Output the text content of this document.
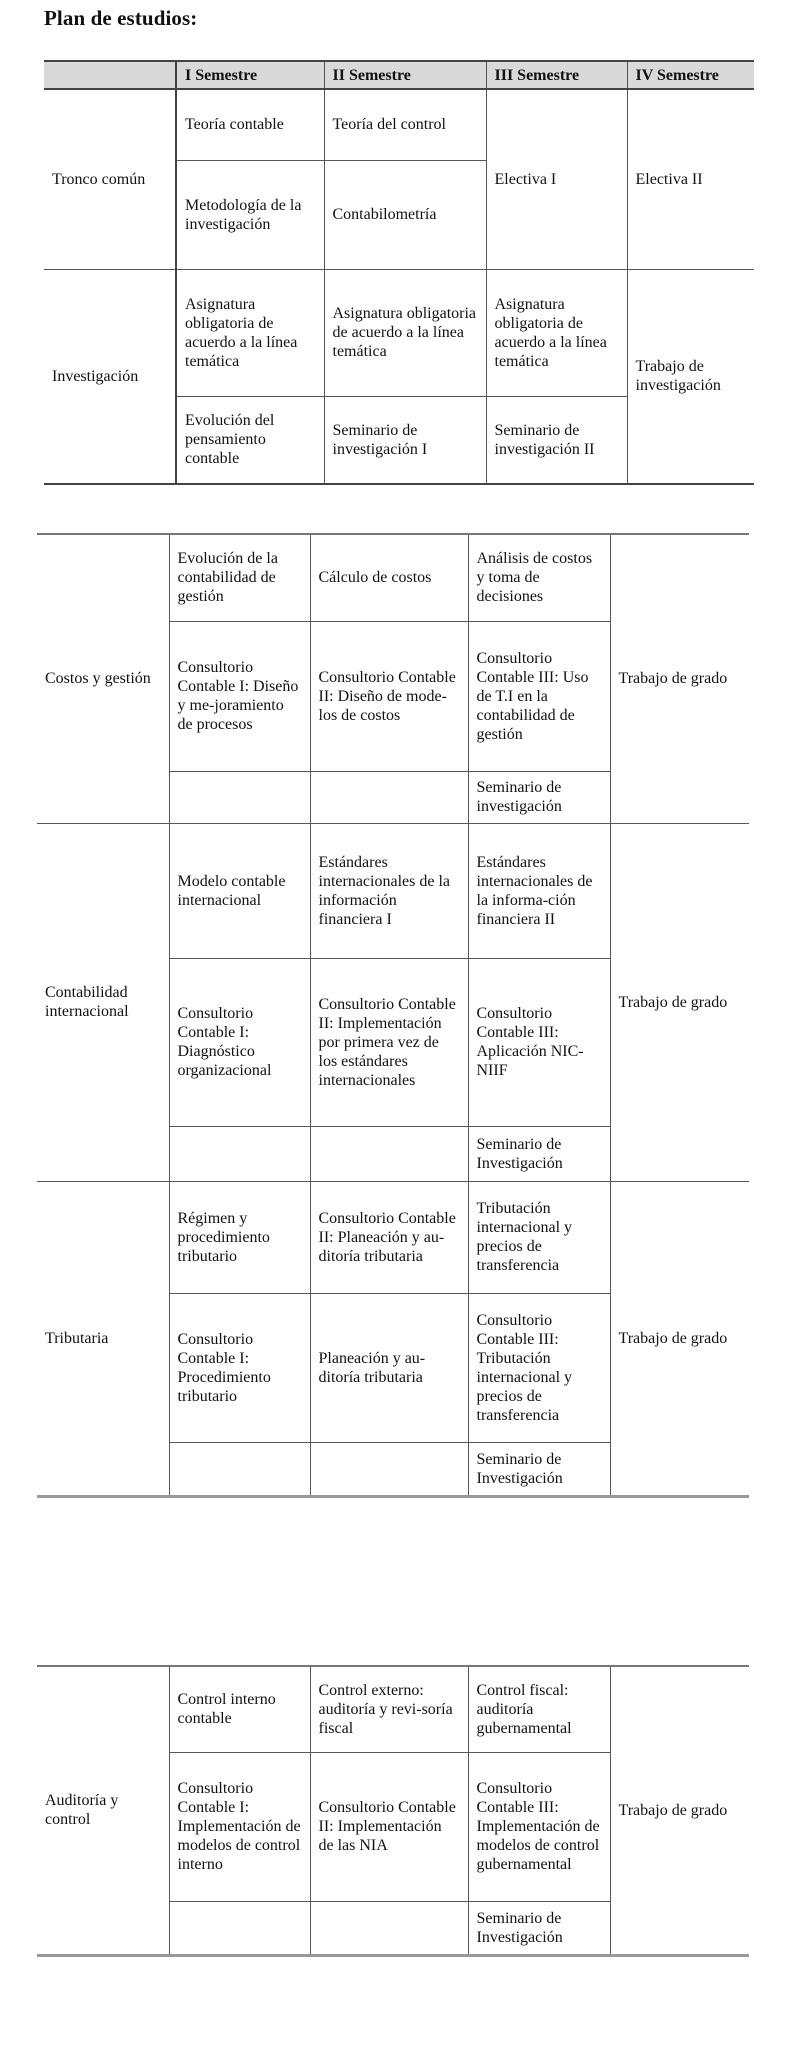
Plan de estudios:
	I Semestre	II Semestre	III Semestre	IV Semestre
Tronco común	Teoría contable	Teoría del control	Electiva I	Electiva II
	Metodología de la investigación	Contabilometría		
Investigación	Asignatura obligatoria de acuerdo a la línea temática	Asignatura obligatoria de acuerdo a la línea temática	Asignatura obligatoria de acuerdo a la línea temática	Trabajo de investigación
	Evolución del pensamiento contable	Seminario de investigación I	Seminario de investigación II	
Costos y gestión	Evolución de la contabilidad de gestión	Cálculo de costos	Análisis de costos y toma de decisiones	Trabajo de grado
	Consultorio Contable I: Diseño y me-joramiento de procesos	Consultorio Contable II: Diseño de mode-los de costos	Consultorio Contable III: Uso de T.I en la contabilidad de gestión	
			Seminario de investigación	
Contabilidad internacional	Modelo contable internacional	Estándares internacionales de la información financiera I	Estándares internacionales de la informa-ción financiera II	Trabajo de grado
	Consultorio Contable I: Diagnóstico organizacional	Consultorio Contable II: Implementación por primera vez de los estándares internacionales	Consultorio Contable III: Aplicación NIC-NIIF	
			Seminario de Investigación	
Tributaria	Régimen y procedimiento tributario	Consultorio Contable II: Planeación y au-ditoría tributaria	Tributación internacional y precios de transferencia	Trabajo de grado
	Consultorio Contable I: Procedimiento tributario	Planeación y au-ditoría tributaria	Consultorio Contable III: Tributación internacional y precios de transferencia	
			Seminario de Investigación	
Auditoría y control	Control interno contable	Control externo: auditoría y revi-soría fiscal	Control fiscal: auditoría gubernamental	Trabajo de grado
	Consultorio Contable I: Implementación de modelos de control interno	Consultorio Contable II: Implementación de las NIA	Consultorio Contable III: Implementación de modelos de control gubernamental	
			Seminario de Investigación	
